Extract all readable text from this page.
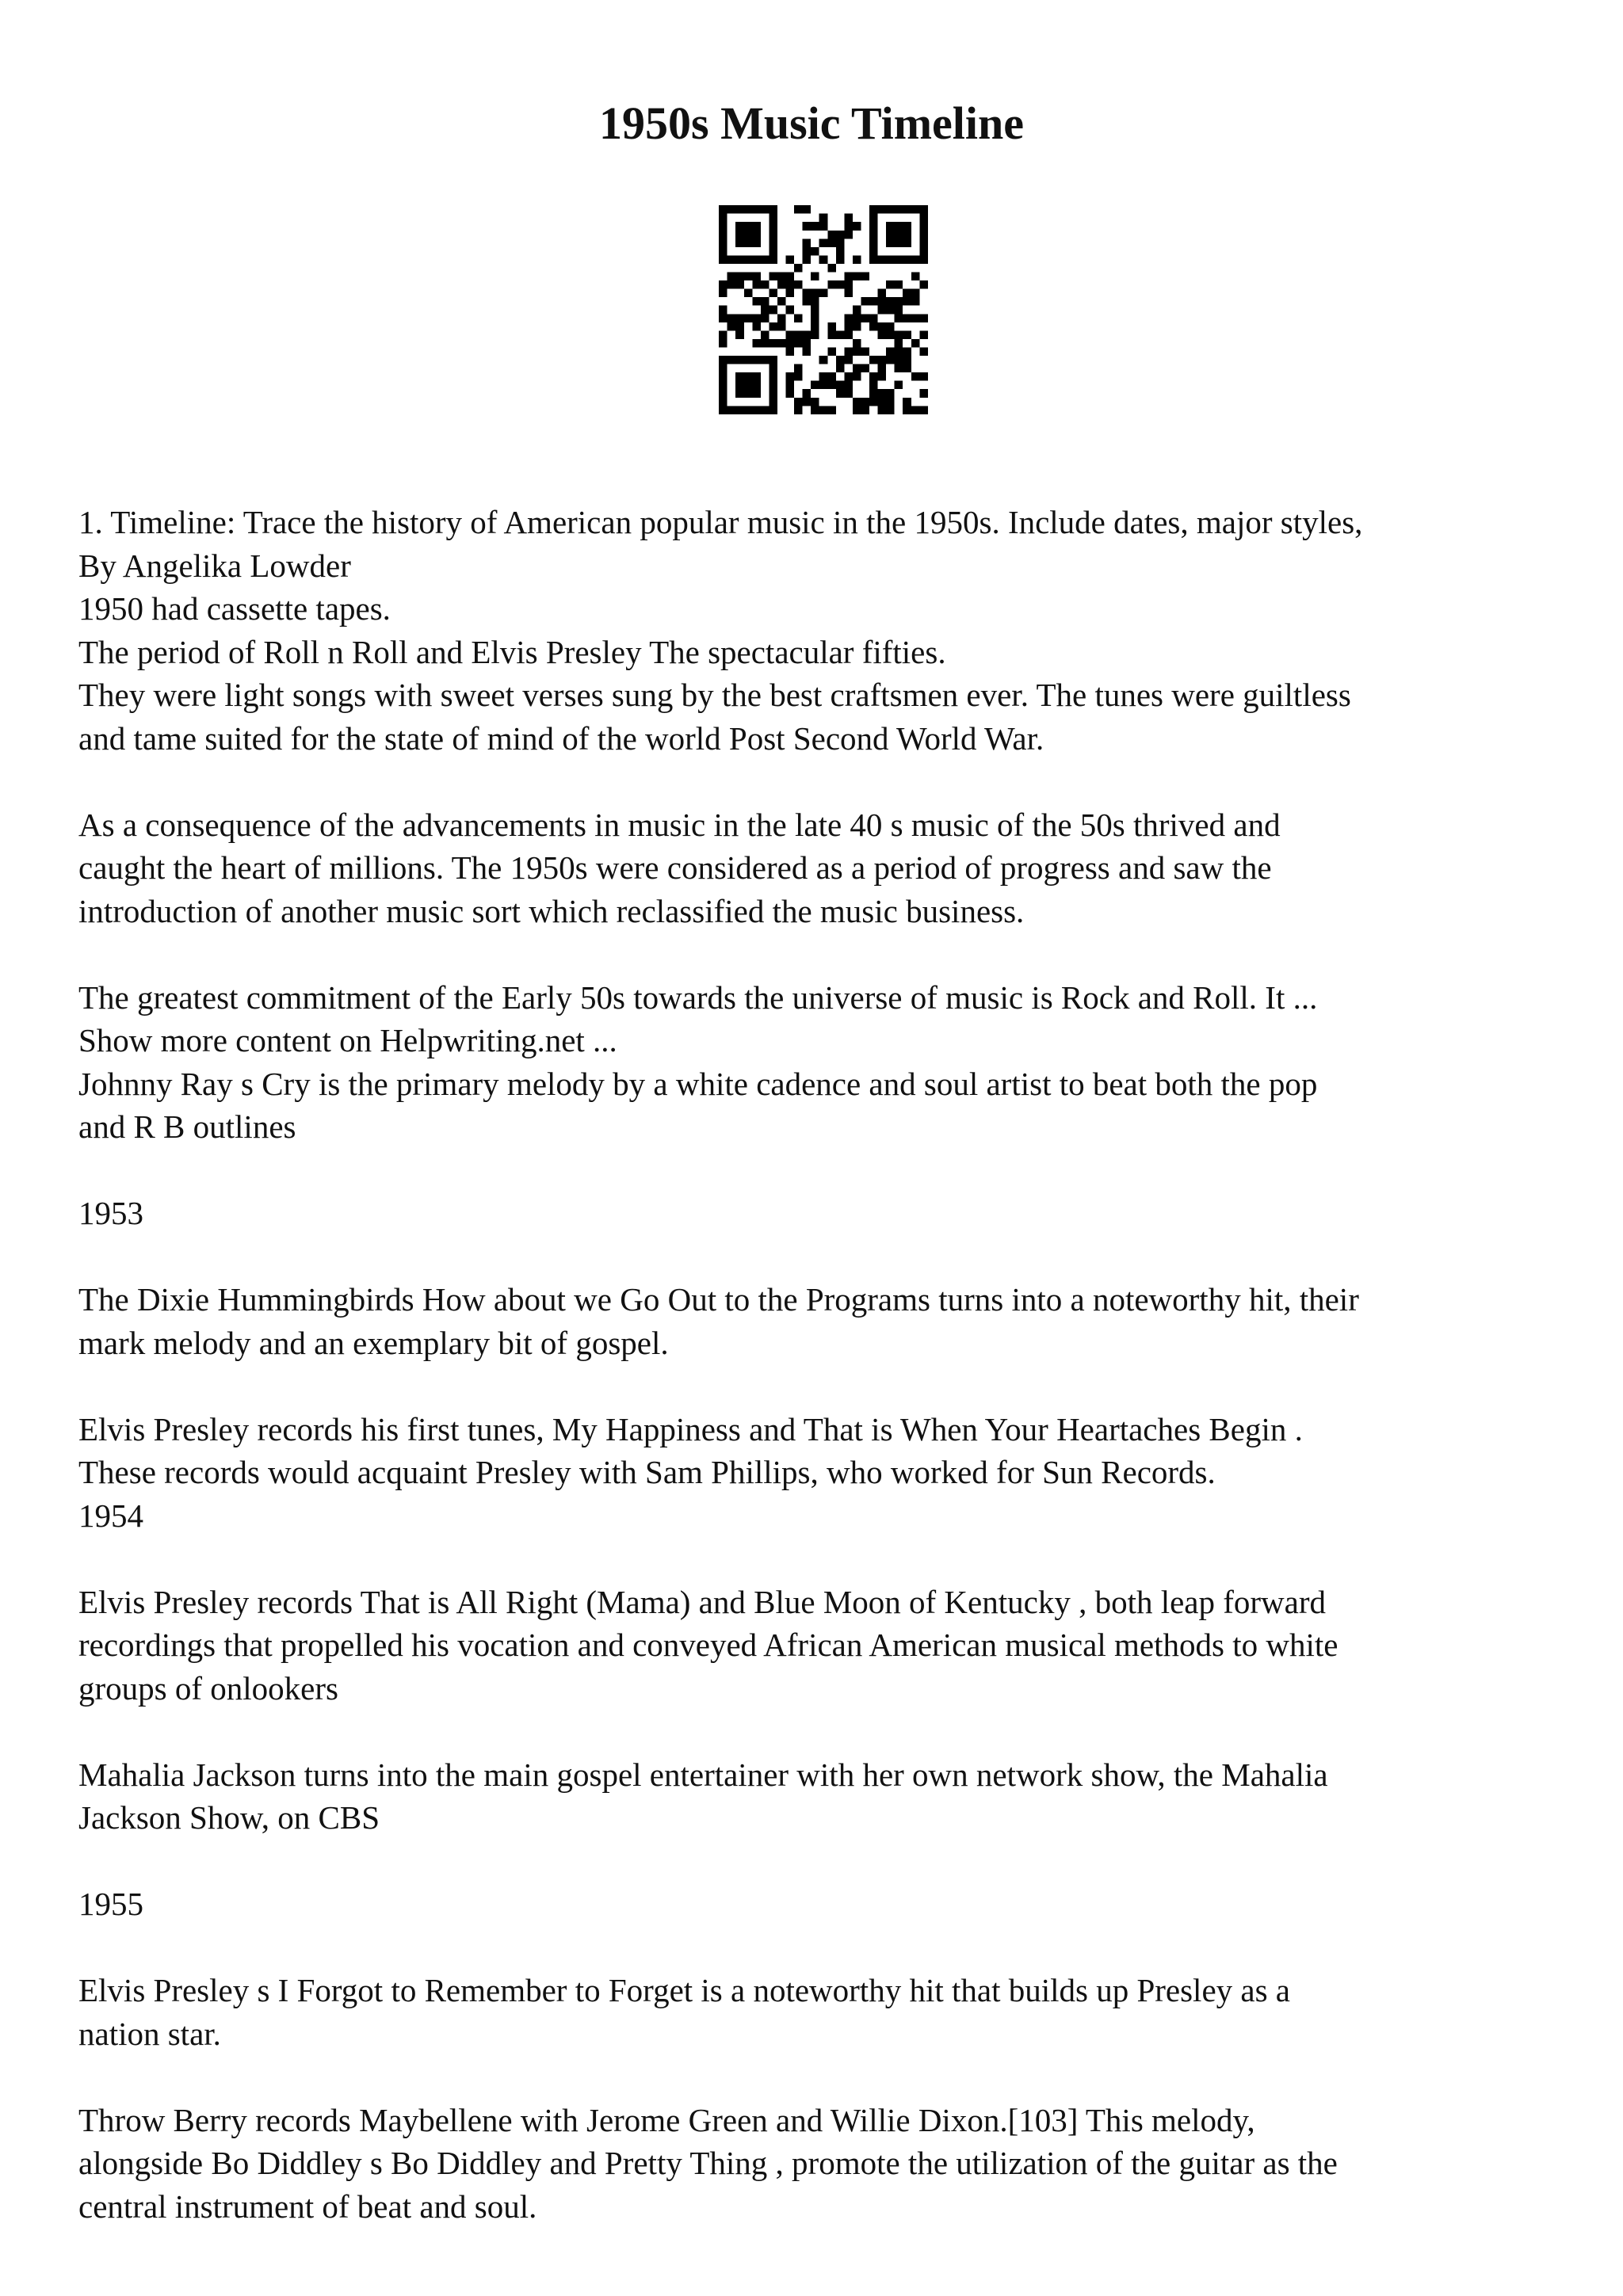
1950s Music Timeline
1. Timeline: Trace the history of American popular music in the 1950s. Include dates, major styles,
By Angelika Lowder
1950 had cassette tapes.
The period of Roll n Roll and Elvis Presley The spectacular fifties.
They were light songs with sweet verses sung by the best craftsmen ever. The tunes were guiltless
and tame suited for the state of mind of the world Post Second World War.
As a consequence of the advancements in music in the late 40 s music of the 50s thrived and
caught the heart of millions. The 1950s were considered as a period of progress and saw the
introduction of another music sort which reclassified the music business.
The greatest commitment of the Early 50s towards the universe of music is Rock and Roll. It ...
Show more content on Helpwriting.net ...
Johnny Ray s Cry is the primary melody by a white cadence and soul artist to beat both the pop
and R B outlines
1953
The Dixie Hummingbirds How about we Go Out to the Programs turns into a noteworthy hit, their
mark melody and an exemplary bit of gospel.
Elvis Presley records his first tunes, My Happiness and That is When Your Heartaches Begin .
These records would acquaint Presley with Sam Phillips, who worked for Sun Records.
1954
Elvis Presley records That is All Right (Mama) and Blue Moon of Kentucky , both leap forward
recordings that propelled his vocation and conveyed African American musical methods to white
groups of onlookers
Mahalia Jackson turns into the main gospel entertainer with her own network show, the Mahalia
Jackson Show, on CBS
1955
Elvis Presley s I Forgot to Remember to Forget is a noteworthy hit that builds up Presley as a
nation star.
Throw Berry records Maybellene with Jerome Green and Willie Dixon.[103] This melody,
alongside Bo Diddley s Bo Diddley and Pretty Thing , promote the utilization of the guitar as the
central instrument of beat and soul.
